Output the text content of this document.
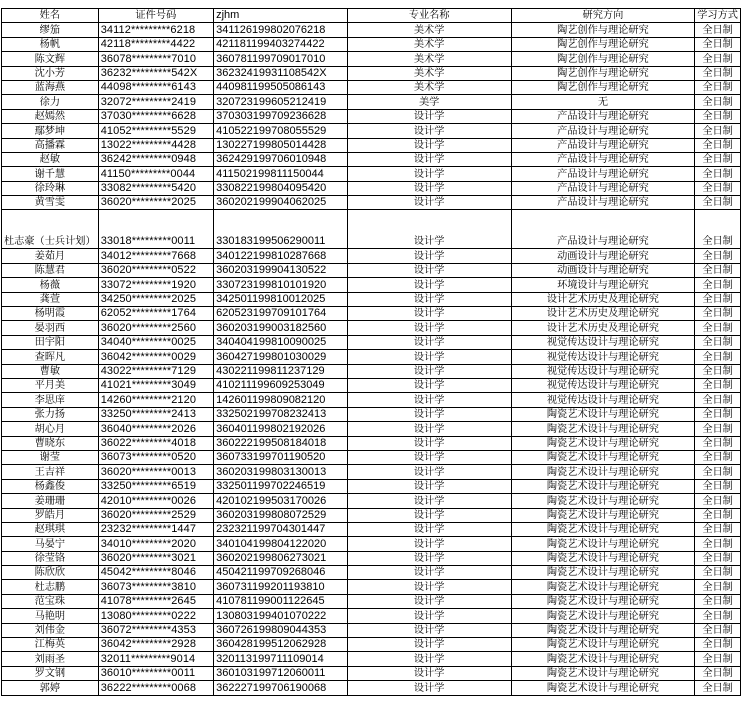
姓名	证件号码	zjhm	专业名称	研究方向	学习方式
缪笳	34112*********6218	341126199802076218	美术学	陶艺创作与理论研究	全日制
杨帆	42118*********4422	421181199403274422	美术学	陶艺创作与理论研究	全日制
陈文辉	36078*********7010	360781199709017010	美术学	陶艺创作与理论研究	全日制
沈小芳	36232*********542X	36232419931108542X	美术学	陶艺创作与理论研究	全日制
蓝海燕	44098*********6143	440981199505086143	美术学	陶艺创作与理论研究	全日制
徐力	32072*********2419	320723199605212419	美学	无	全日制
赵嫣然	37030*********6628	370303199709236628	设计学	产品设计与理论研究	全日制
鄢梦坤	41052*********5529	410522199708055529	设计学	产品设计与理论研究	全日制
高播霖	13022*********4428	130227199805014428	设计学	产品设计与理论研究	全日制
赵敏	36242*********0948	362429199706010948	设计学	产品设计与理论研究	全日制
谢千慧	41150*********0044	411502199811150044	设计学	产品设计与理论研究	全日制
徐玲琳	33082*********5420	330822199804095420	设计学	产品设计与理论研究	全日制
黄雪雯	36020*********2025	360202199904062025	设计学	产品设计与理论研究	全日制
杜志豪（士兵计划）	33018*********0011	330183199506290011	设计学	产品设计与理论研究	全日制
姜茹月	34012*********7668	340122199810287668	设计学	动画设计与理论研究	全日制
陈慧君	36020*********0522	360203199904130522	设计学	动画设计与理论研究	全日制
杨薇	33072*********1920	330723199810101920	设计学	环境设计与理论研究	全日制
龚萱	34250*********2025	342501199810012025	设计学	设计艺术历史及理论研究	全日制
杨明霞	62052*********1764	620523199709101764	设计学	设计艺术历史及理论研究	全日制
晏羽西	36020*********2560	360203199003182560	设计学	设计艺术历史及理论研究	全日制
田宇阳	34040*********0025	340404199810090025	设计学	视觉传达设计与理论研究	全日制
查晖凡	36042*********0029	360427199801030029	设计学	视觉传达设计与理论研究	全日制
曹敏	43022*********7129	430221199811237129	设计学	视觉传达设计与理论研究	全日制
平月美	41021*********3049	410211199609253049	设计学	视觉传达设计与理论研究	全日制
李思庠	14260*********2120	142601199809082120	设计学	视觉传达设计与理论研究	全日制
张力扬	33250*********2413	332502199708232413	设计学	陶瓷艺术设计与理论研究	全日制
胡心月	36040*********2026	360401199802192026	设计学	陶瓷艺术设计与理论研究	全日制
曹晓东	36022*********4018	360222199508184018	设计学	陶瓷艺术设计与理论研究	全日制
谢莹	36073*********0520	360733199701190520	设计学	陶瓷艺术设计与理论研究	全日制
王吉祥	36020*********0013	360203199803130013	设计学	陶瓷艺术设计与理论研究	全日制
杨鑫俊	33250*********6519	332501199702246519	设计学	陶瓷艺术设计与理论研究	全日制
姜珊珊	42010*********0026	420102199503170026	设计学	陶瓷艺术设计与理论研究	全日制
罗皓月	36020*********2529	360203199808072529	设计学	陶瓷艺术设计与理论研究	全日制
赵琪琪	23232*********1447	232321199704301447	设计学	陶瓷艺术设计与理论研究	全日制
马晏宁	34010*********2020	340104199804122020	设计学	陶瓷艺术设计与理论研究	全日制
徐莹铬	36020*********3021	360202199806273021	设计学	陶瓷艺术设计与理论研究	全日制
陈欣欣	45042*********8046	450421199709268046	设计学	陶瓷艺术设计与理论研究	全日制
杜志鹏	36073*********3810	360731199201193810	设计学	陶瓷艺术设计与理论研究	全日制
范宝珠	41078*********2645	410781199001122645	设计学	陶瓷艺术设计与理论研究	全日制
马艳明	13080*********0222	130803199401070222	设计学	陶瓷艺术设计与理论研究	全日制
刘伟金	36072*********4353	360726199809044353	设计学	陶瓷艺术设计与理论研究	全日制
江梅英	36042*********2928	360428199512062928	设计学	陶瓷艺术设计与理论研究	全日制
刘雨圣	32011*********9014	320113199711109014	设计学	陶瓷艺术设计与理论研究	全日制
罗文钢	36010*********0011	360103199712060011	设计学	陶瓷艺术设计与理论研究	全日制
郭婷	36222*********0068	362227199706190068	设计学	陶瓷艺术设计与理论研究	全日制
